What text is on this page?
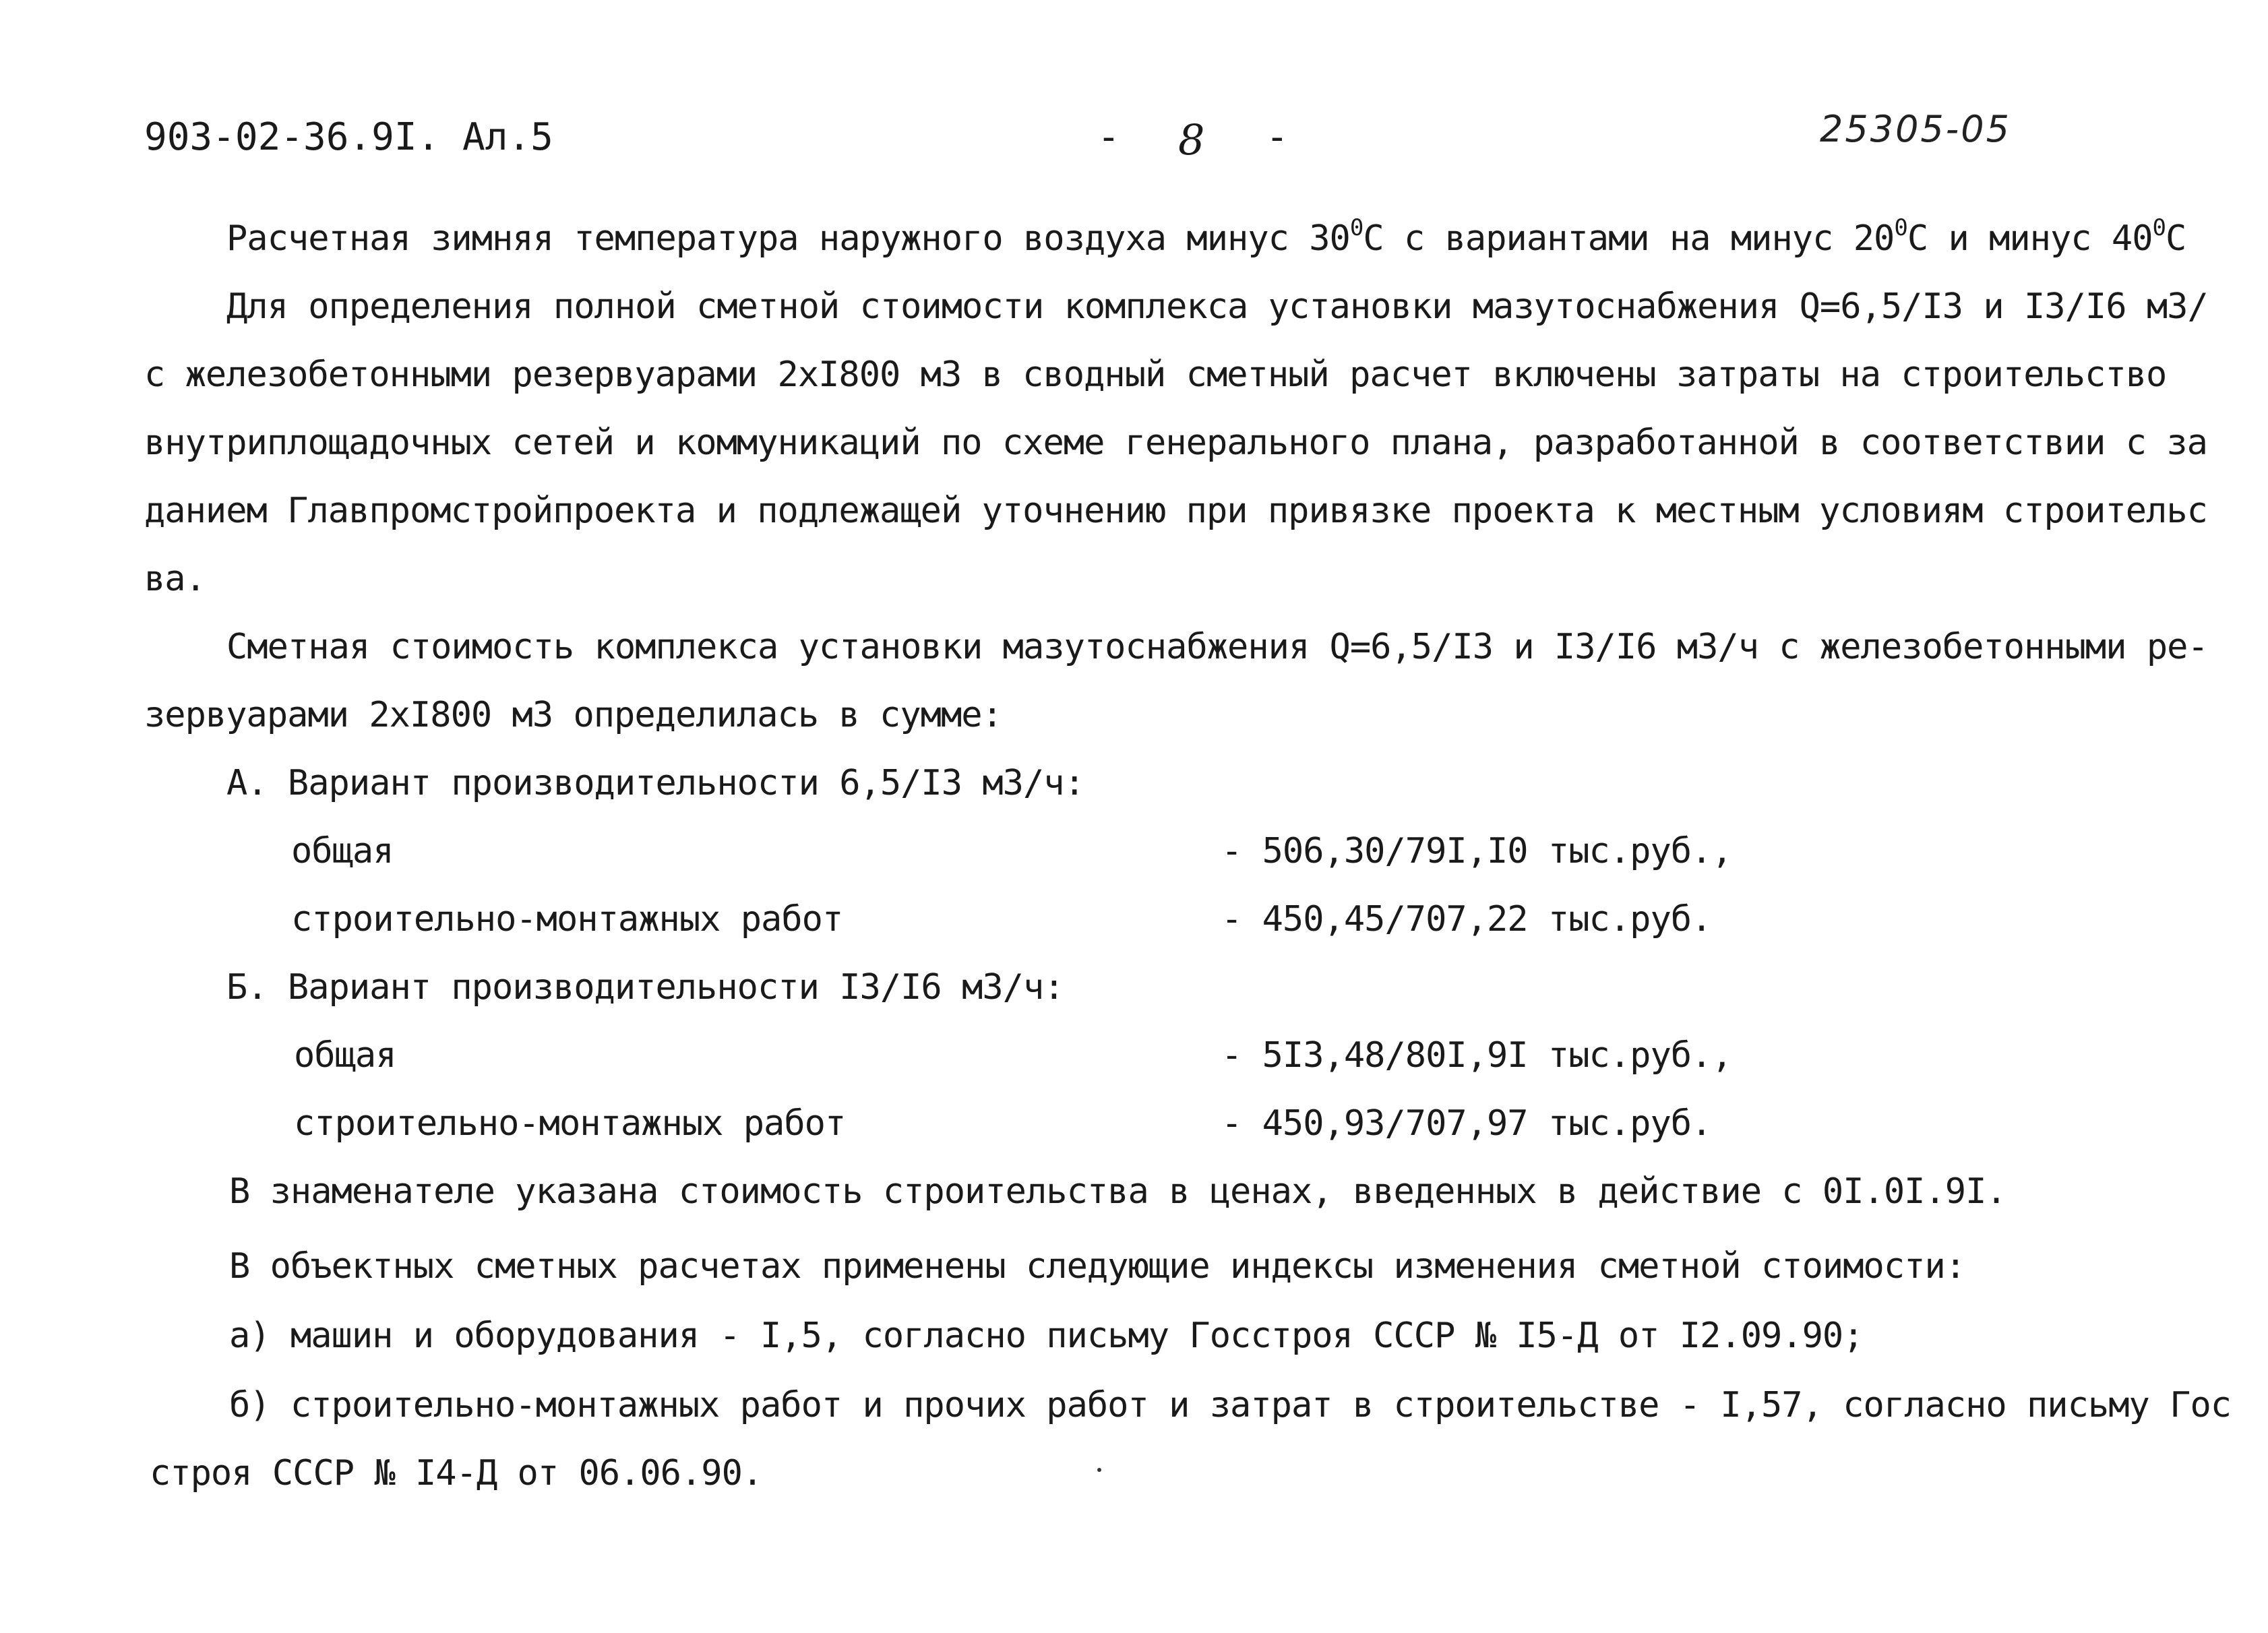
903-02-36.9I. Ал.5	- 8 -	25305-05
Расчетная зимняя температура наружного воздуха минус $30^0С$ с вариантами на минус $20^0С$ и минус $40^0С$
Для определения полной сметной стоимости комплекса установки мазутоснабжения Q=6,5/I3 и I3/I6 м3/
с железобетонными резервуарами 2хI800 м3 в сводный сметный расчет включены затраты на строительство
внутриплощадочных сетей и коммуникаций по схеме генерального плана, разработанной в соответствии с за
данием Главпромстройпроекта и подлежащей уточнению при привязке проекта к местным условиям строительс
ва.
Сметная стоимость комплекса установки мазутоснабжения Q=6,5/I3 и I3/I6 м3/ч с железобетонными ре-
зервуарами 2хI800 м3 определилась в сумме:
А. Вариант производительности 6,5/I3 м3/ч:
общая	- 506,30/79I,I0 тыс.руб.,
строительно-монтажных работ	- 450,45/707,22 тыс.руб.
Б. Вариант производительности I3/I6 м3/ч:
общая	- 5I3,48/80I,9I тыс.руб.,
строительно-монтажных работ	- 450,93/707,97 тыс.руб.
В знаменателе указана стоимость строительства в ценах, введенных в действие с 0I.0I.9I.
В объектных сметных расчетах применены следующие индексы изменения сметной стоимости:
а) машин и оборудования - I,5, согласно письму Госстроя СССР № I5-Д от I2.09.90;
б) строительно-монтажных работ и прочих работ и затрат в строительстве - I,57, согласно письму Гос
строя СССР № I4-Д от 06.06.90.
